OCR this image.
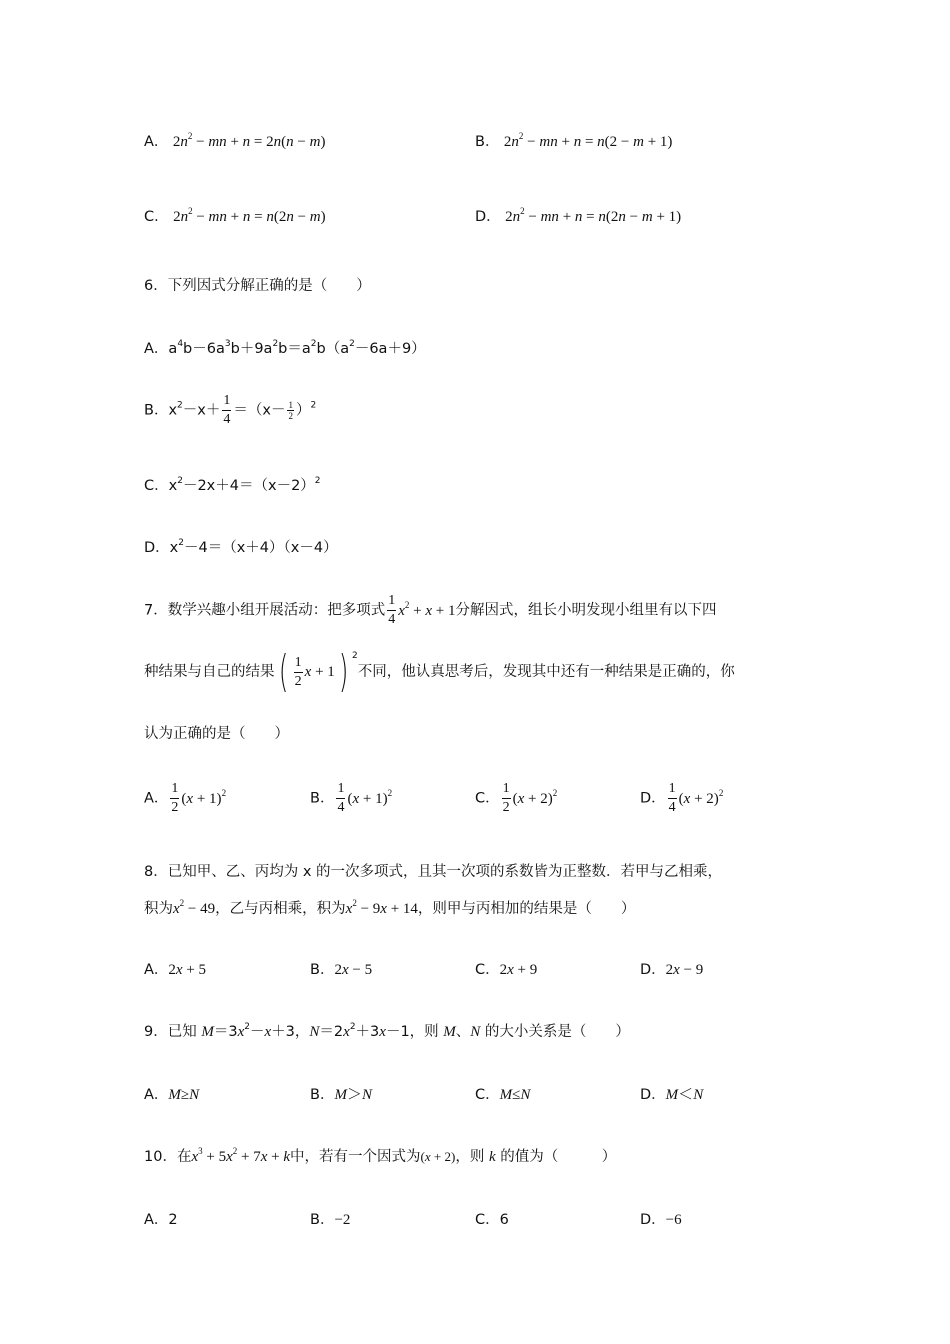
A． $2n^2$ − mn + n = 2n(n − m)	B． $2n^2$ − mn + n = n(2 − m + 1)
C． $2n^2$ − mn + n = n(2n − m)	D． $2n^2$ − mn + n = n(2n − m + 1)
6．下列因式分解正确的是（　　）
A．$a^4b-6a^3b+9a^2b=a^2b(a^2-6a+9)$
B．$x^2-x+ \frac{1}{4} =(x- \frac{1}{2} )^2$
C．$x^2-2x+4=(x-2)^2$
D．$x^2-4=(x+4)(x-4)$
7．数学兴趣小组开展活动：把多项式 $\frac{1}{4} x^2 + x + 1$分解因式，组长小明发现小组里有以下四
种结果与自己的结果( $\frac{1}{2}$ x + 1) $^2$不同，他认真思考后，发现其中还有一种结果是正确的，你
认为正确的是（　　）
A． $\frac{1}{2} (x + 1)^2$	B． $\frac{1}{4} (x + 1)^2$	C． $\frac{1}{2} (x + 2)^2$	D． $\frac{1}{4} (x + 2)^2$
8．已知甲、乙、丙均为 x 的一次多项式，且其一次项的系数皆为正整数．若甲与乙相乘，
积为$x^2 - 49$，乙与丙相乘，积为$x^2 - 9x + 14$，则甲与丙相加的结果是（　　）
A．2x + 5	B．2x − 5	C．2x + 9	D．2x − 9
9．已知 $M=3x^2-x+3$，$N=2x^2+3x-1$，则 M、N 的大小关系是（　　）
A．M≥N	B．M＞N	C．M≤N	D．M＜N
10．在$x^3 + 5x^2 + 7x + k$中，若有一个因式为(x + 2)，则 k 的值为（　　　）
A．2	B．−2	C．6	D．−6
